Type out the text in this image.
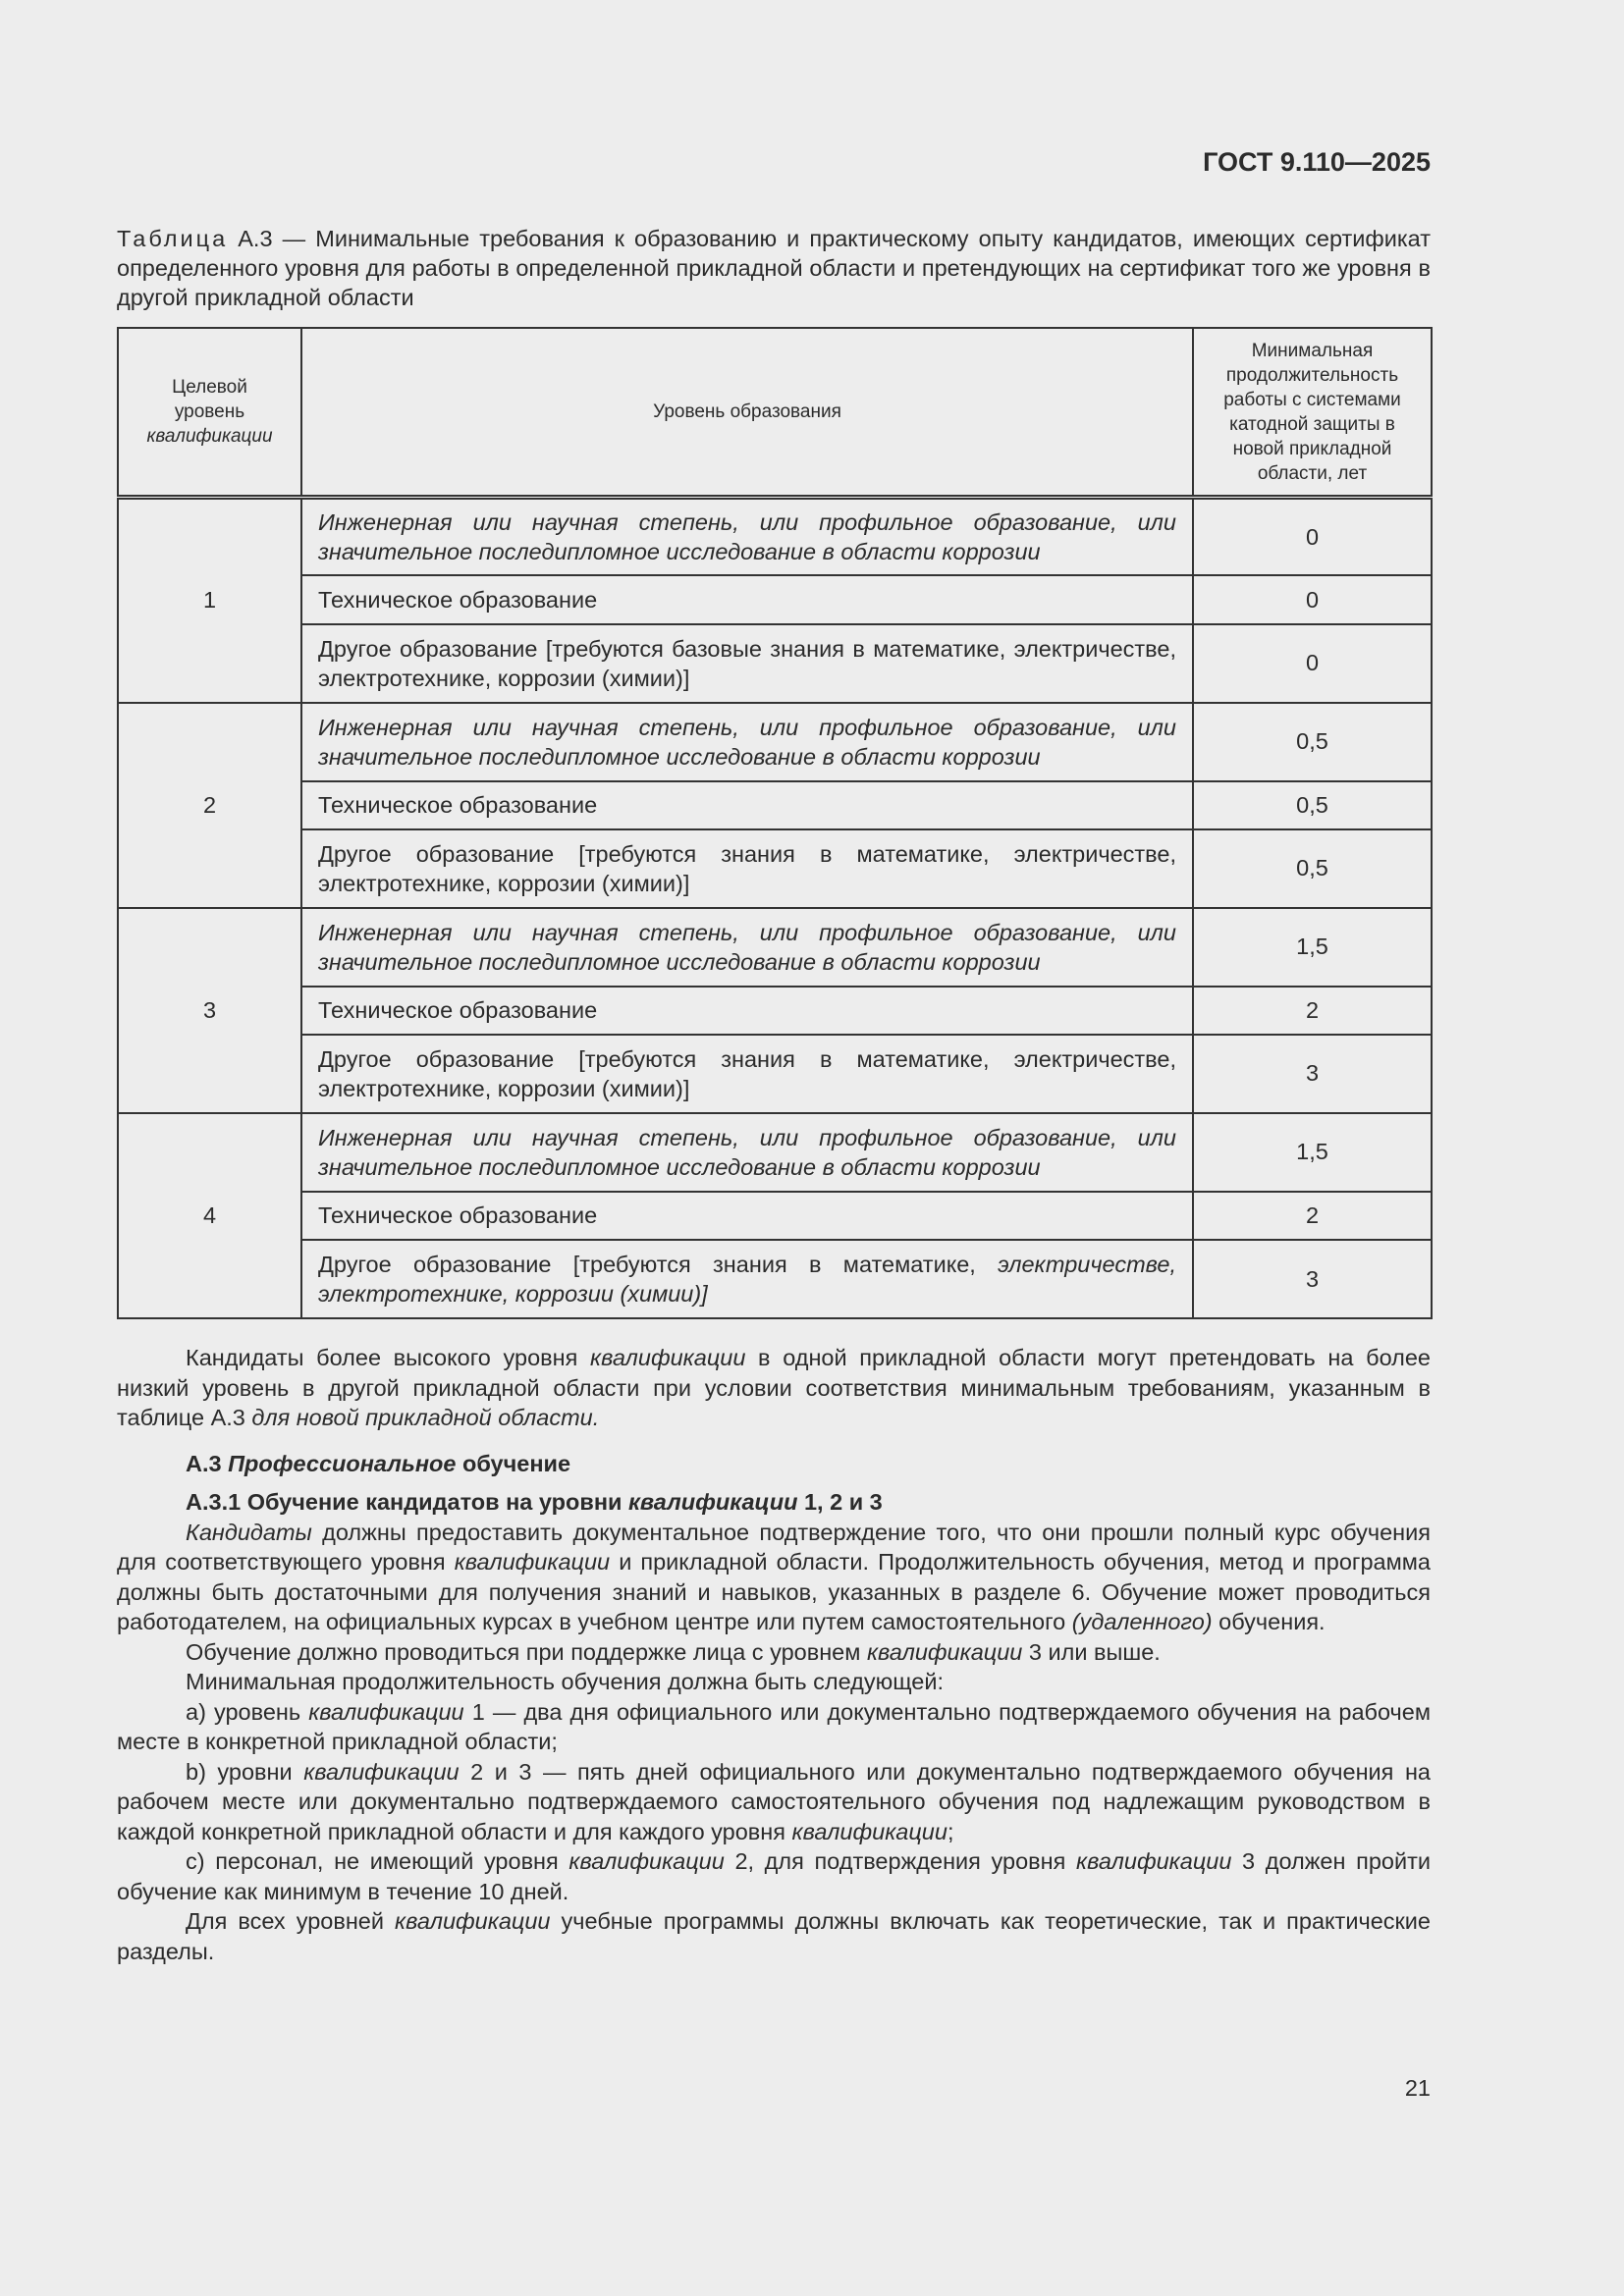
ГОСТ 9.110—2025
Таблица А.3 — Минимальные требования к образованию и практическому опыту кандидатов, имеющих сертификат определенного уровня для работы в определенной прикладной области и претендующих на сертификат того же уровня в другой прикладной области
Целевой
уровень
квалификации	Уровень образования	Минимальная продолжительность работы с системами катодной защиты в новой прикладной области, лет
1	Инженерная или научная степень, или профильное образование, или значительное последипломное исследование в области коррозии	0
	Техническое образование	0
	Другое образование [требуются базовые знания в математике, электричестве, электротехнике, коррозии (химии)]	0
2	Инженерная или научная степень, или профильное образование, или значительное последипломное исследование в области коррозии	0,5
	Техническое образование	0,5
	Другое образование [требуются знания в математике, электричестве, электротехнике, коррозии (химии)]	0,5
3	Инженерная или научная степень, или профильное образование, или значительное последипломное исследование в области коррозии	1,5
	Техническое образование	2
	Другое образование [требуются знания в математике, электричестве, электротехнике, коррозии (химии)]	3
4	Инженерная или научная степень, или профильное образование, или значительное последипломное исследование в области коррозии	1,5
	Техническое образование	2
	Другое образование [требуются знания в математике, электричестве, электротехнике, коррозии (химии)]	3

Кандидаты более высокого уровня квалификации в одной прикладной области могут претендовать на более низкий уровень в другой прикладной области при условии соответствия минимальным требованиям, указанным в таблице А.3 для новой прикладной области.

А.3 Профессиональное обучение

А.3.1 Обучение кандидатов на уровни квалификации 1, 2 и 3

Кандидаты должны предоставить документальное подтверждение того, что они прошли полный курс обучения для соответствующего уровня квалификации и прикладной области. Продолжительность обучения, метод и программа должны быть достаточными для получения знаний и навыков, указанных в разделе 6. Обучение может проводиться работодателем, на официальных курсах в учебном центре или путем самостоятельного (удаленного) обучения.

Обучение должно проводиться при поддержке лица с уровнем квалификации 3 или выше.

Минимальная продолжительность обучения должна быть следующей:

a) уровень квалификации 1 — два дня официального или документально подтверждаемого обучения на рабочем месте в конкретной прикладной области;

b) уровни квалификации 2 и 3 — пять дней официального или документально подтверждаемого обучения на рабочем месте или документально подтверждаемого самостоятельного обучения под надлежащим руководством в каждой конкретной прикладной области и для каждого уровня квалификации;

c) персонал, не имеющий уровня квалификации 2, для подтверждения уровня квалификации 3 должен пройти обучение как минимум в течение 10 дней.

Для всех уровней квалификации учебные программы должны включать как теоретические, так и практические разделы.

21
